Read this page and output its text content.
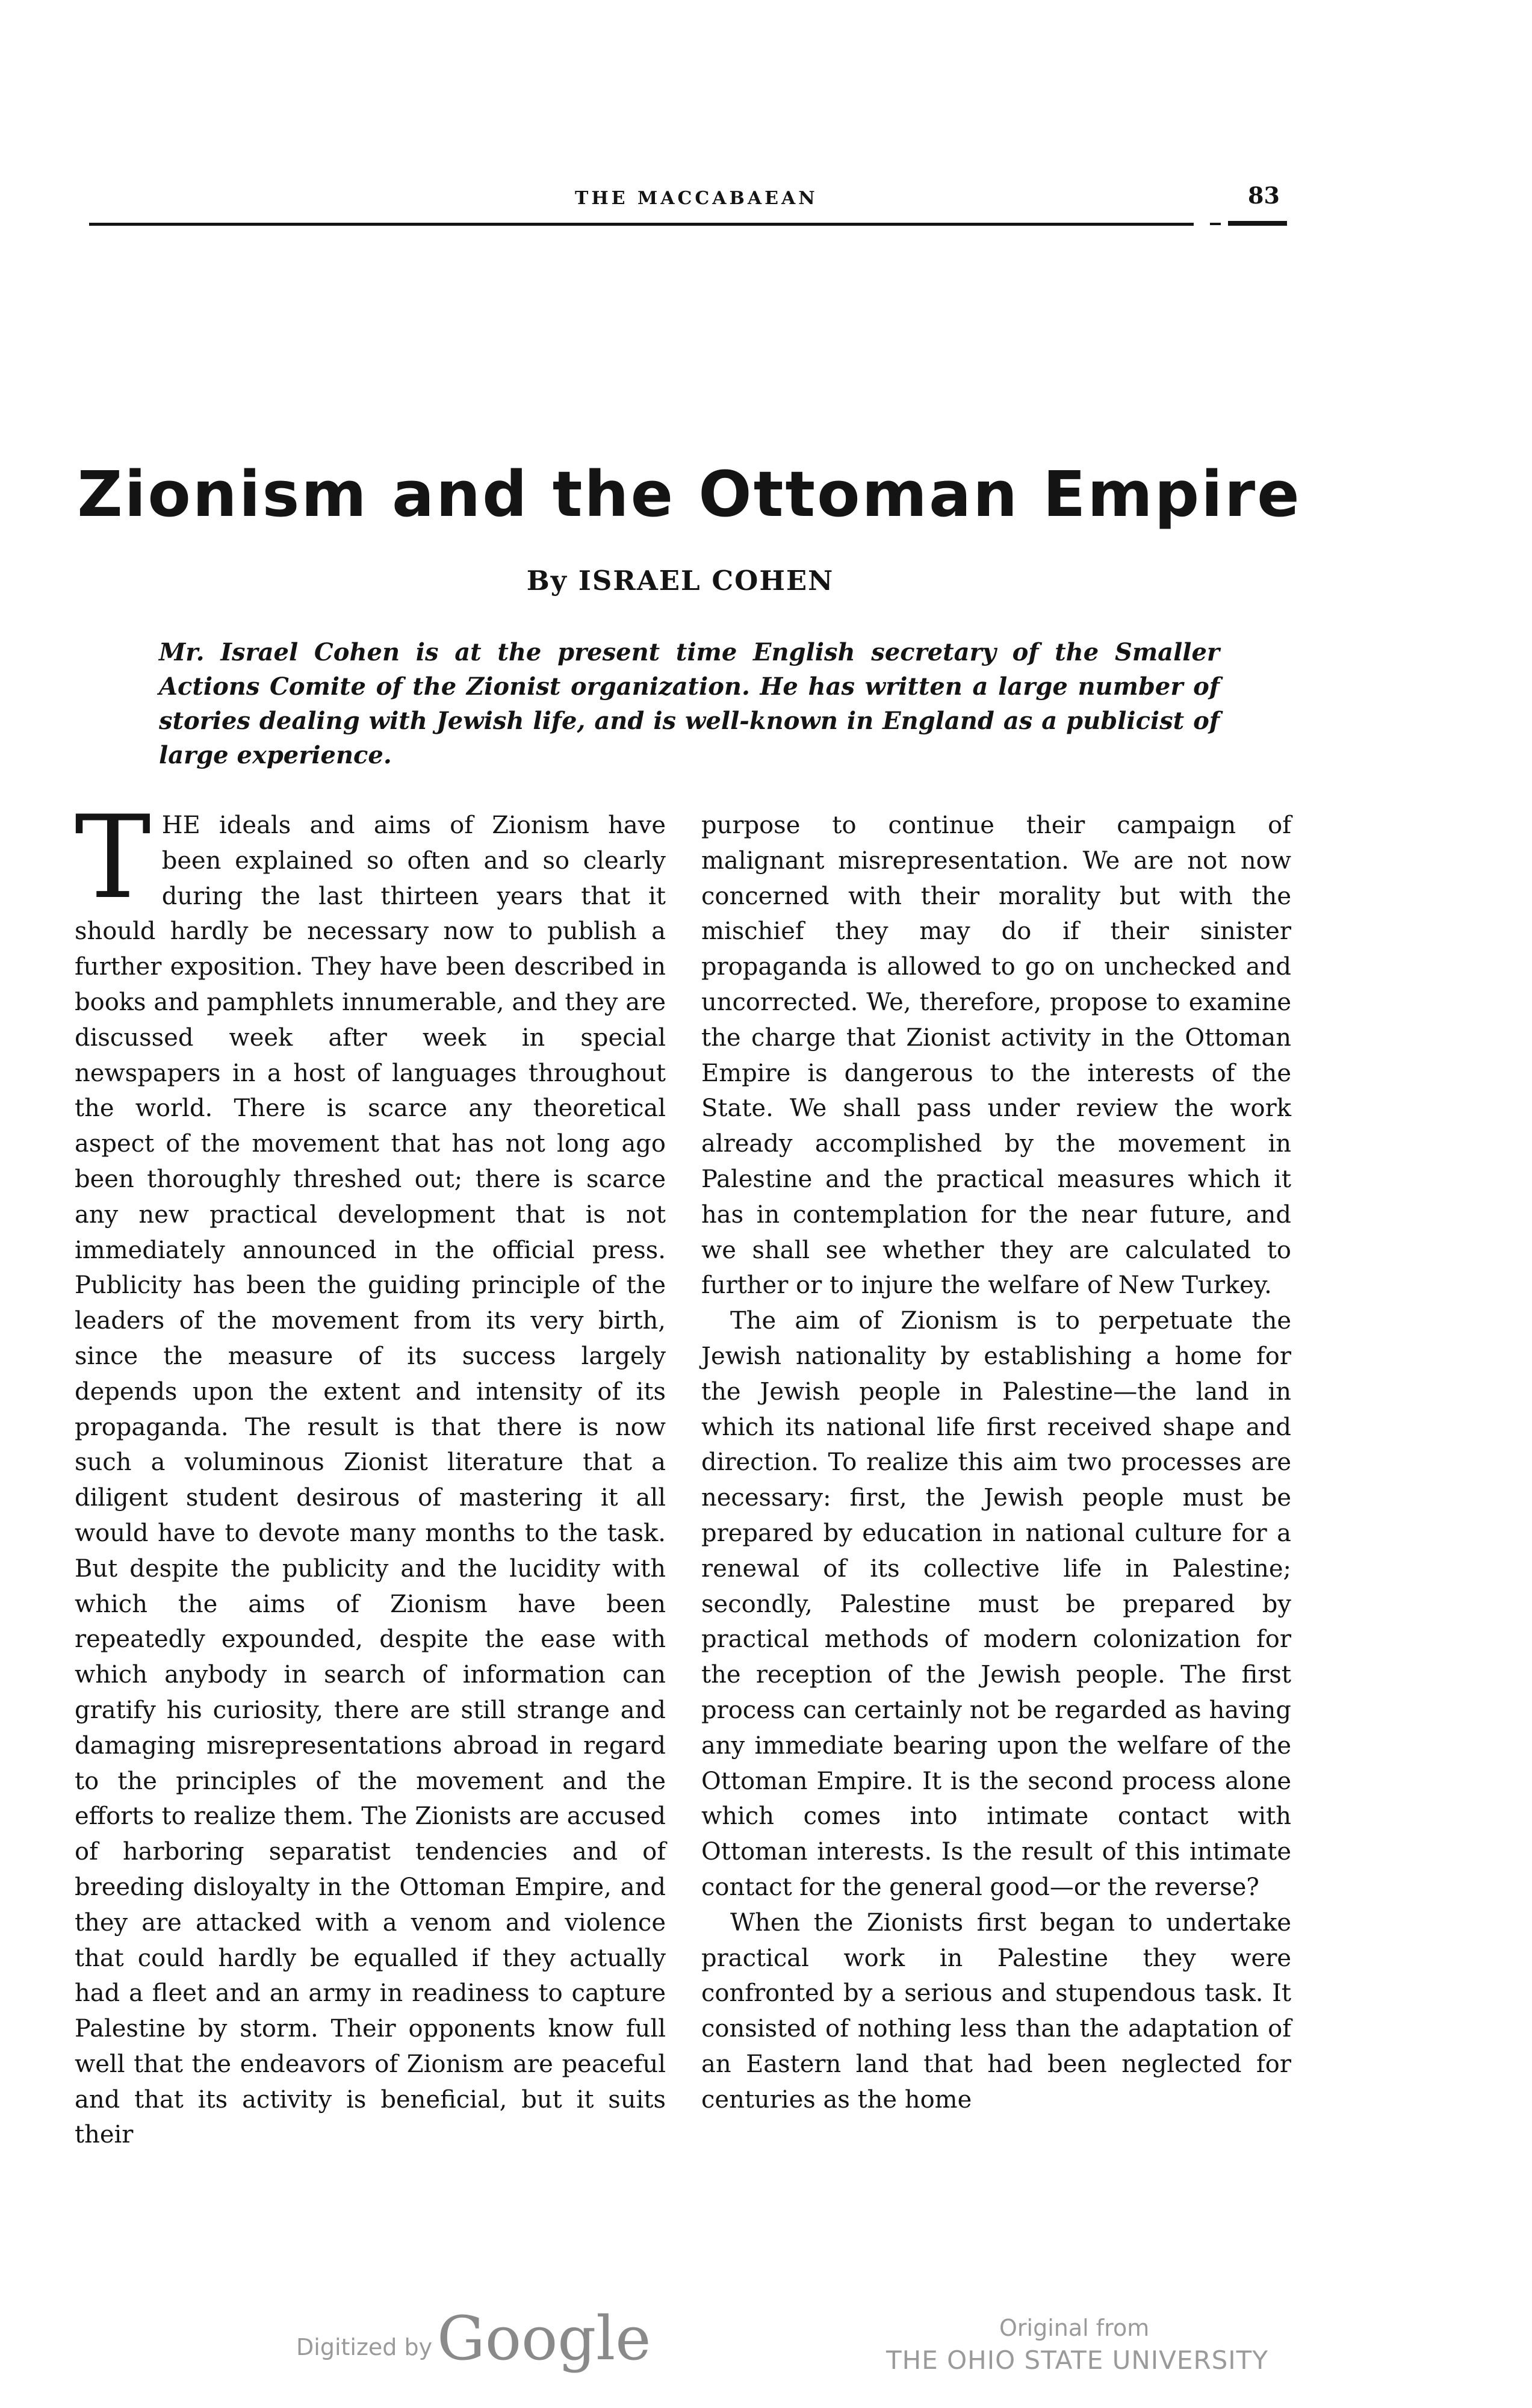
THE MACCABAEAN	83
Zionism and the Ottoman Empire
By ISRAEL COHEN

Mr. Israel Cohen is at the present time English secretary of the Smaller Actions Comite of the Zionist organization. He has written a large number of stories dealing with Jewish life, and is well-known in England as a publicist of large experience.

THE ideals and aims of Zionism have been explained so often and so clearly during the last thirteen years that it should hardly be necessary now to publish a further exposition. They have been described in books and pamphlets innumerable, and they are discussed week after week in special newspapers in a host of languages throughout the world. There is scarce any theoretical aspect of the movement that has not long ago been thoroughly threshed out; there is scarce any new practical development that is not immediately announced in the official press. Publicity has been the guiding principle of the leaders of the movement from its very birth, since the measure of its success largely depends upon the extent and intensity of its propaganda. The result is that there is now such a voluminous Zionist literature that a diligent student desirous of mastering it all would have to devote many months to the task. But despite the publicity and the lucidity with which the aims of Zionism have been repeatedly expounded, despite the ease with which anybody in search of information can gratify his curiosity, there are still strange and damaging misrepresentations abroad in regard to the principles of the movement and the efforts to realize them. The Zionists are accused of harboring separatist tendencies and of breeding disloyalty in the Ottoman Empire, and they are attacked with a venom and violence that could hardly be equalled if they actually had a fleet and an army in readiness to capture Palestine by storm. Their opponents know full well that the endeavors of Zionism are peaceful and that its activity is beneficial, but it suits their

purpose to continue their campaign of malignant misrepresentation. We are not now concerned with their morality but with the mischief they may do if their sinister propaganda is allowed to go on unchecked and uncorrected. We, therefore, propose to examine the charge that Zionist activity in the Ottoman Empire is dangerous to the interests of the State. We shall pass under review the work already accomplished by the movement in Palestine and the practical measures which it has in contemplation for the near future, and we shall see whether they are calculated to further or to injure the welfare of New Turkey.

The aim of Zionism is to perpetuate the Jewish nationality by establishing a home for the Jewish people in Palestine—the land in which its national life first received shape and direction. To realize this aim two processes are necessary: first, the Jewish people must be prepared by education in national culture for a renewal of its collective life in Palestine; secondly, Palestine must be prepared by practical methods of modern colonization for the reception of the Jewish people. The first process can certainly not be regarded as having any immediate bearing upon the welfare of the Ottoman Empire. It is the second process alone which comes into intimate contact with Ottoman interests. Is the result of this intimate contact for the general good—or the reverse?

When the Zionists first began to undertake practical work in Palestine they were confronted by a serious and stupendous task. It consisted of nothing less than the adaptation of an Eastern land that had been neglected for centuries as the home

Digitized by Google	Original from
THE OHIO STATE UNIVERSITY
